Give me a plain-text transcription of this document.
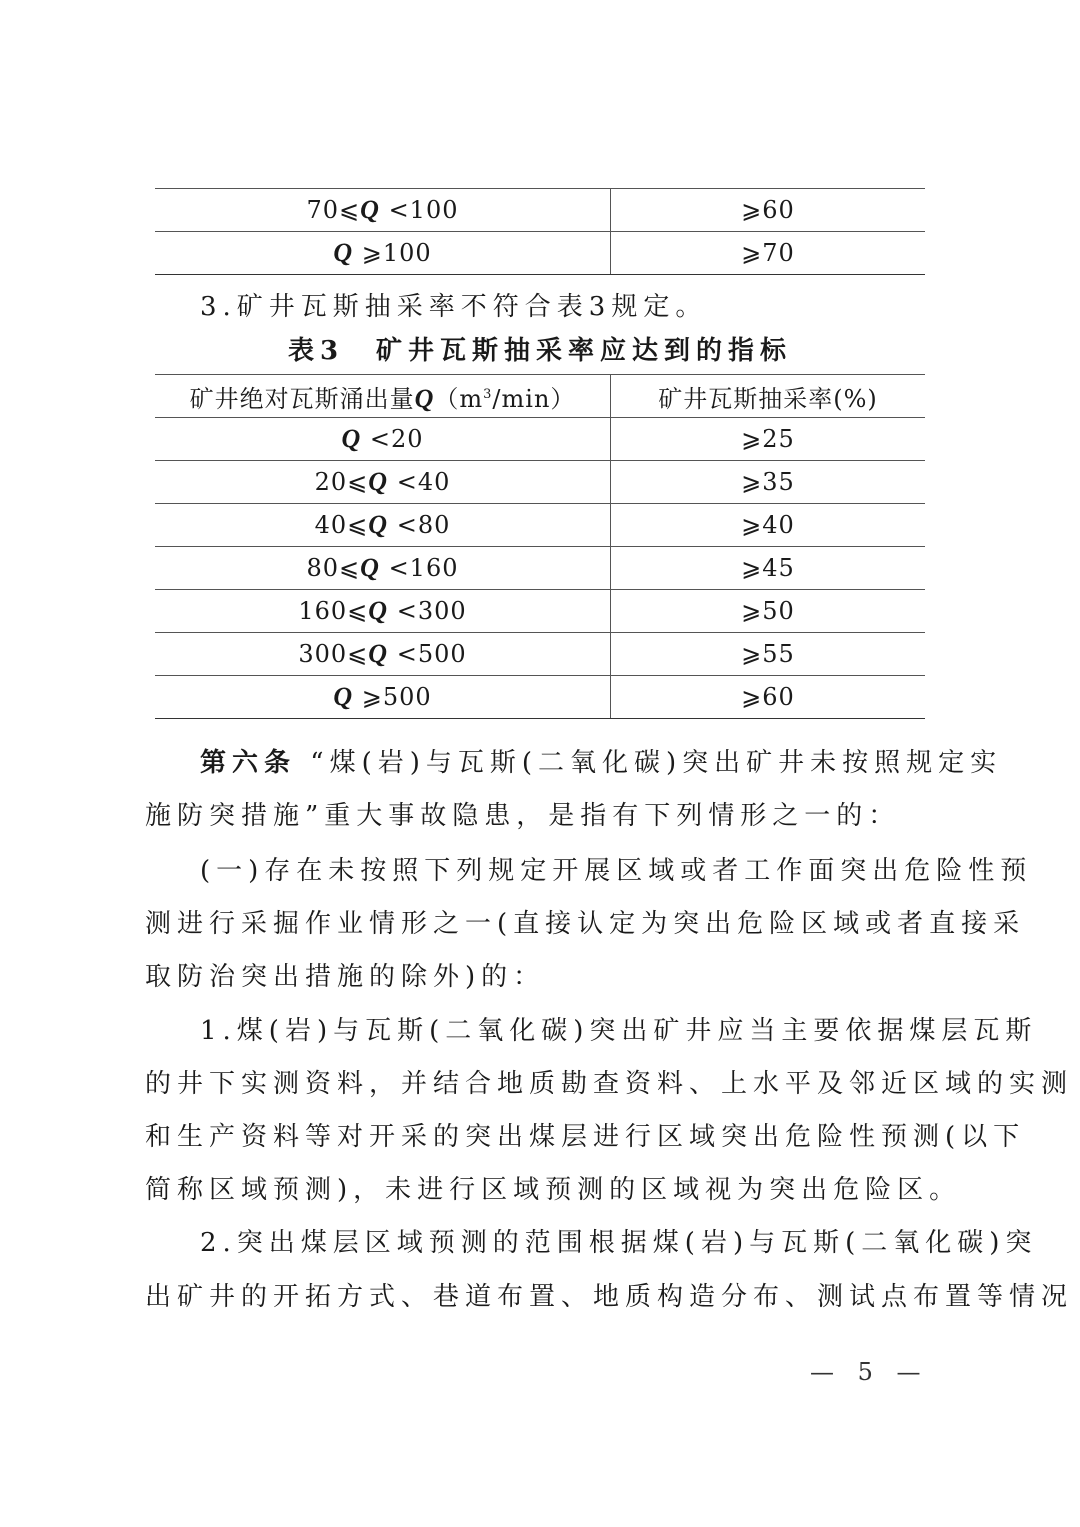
70⩽Q <100	⩾60
Q ⩾100	⩾70
3.矿井瓦斯抽采率不符合表3规定。
表3　矿井瓦斯抽采率应达到的指标
矿井绝对瓦斯涌出量$Q(m^3/\min)$	矿井瓦斯抽采率(%)
Q <20	⩾25
20⩽Q <40	⩾35
40⩽Q <80	⩾40
80⩽Q <160	⩾45
160⩽Q <300	⩾50
300⩽Q <500	⩾55
Q ⩾500	⩾60
第六条 “煤(岩)与瓦斯(二氧化碳)突出矿井未按照规定实
施防突措施”重大事故隐患，是指有下列情形之一的：
(一)存在未按照下列规定开展区域或者工作面突出危险性预
测进行采掘作业情形之一(直接认定为突出危险区域或者直接采
取防治突出措施的除外)的：
1.煤(岩)与瓦斯(二氧化碳)突出矿井应当主要依据煤层瓦斯
的井下实测资料，并结合地质勘查资料、上水平及邻近区域的实测
和生产资料等对开采的突出煤层进行区域突出危险性预测(以下
简称区域预测)，未进行区域预测的区域视为突出危险区。
2.突出煤层区域预测的范围根据煤(岩)与瓦斯(二氧化碳)突
出矿井的开拓方式、巷道布置、地质构造分布、测试点布置等情况
— 5 —
